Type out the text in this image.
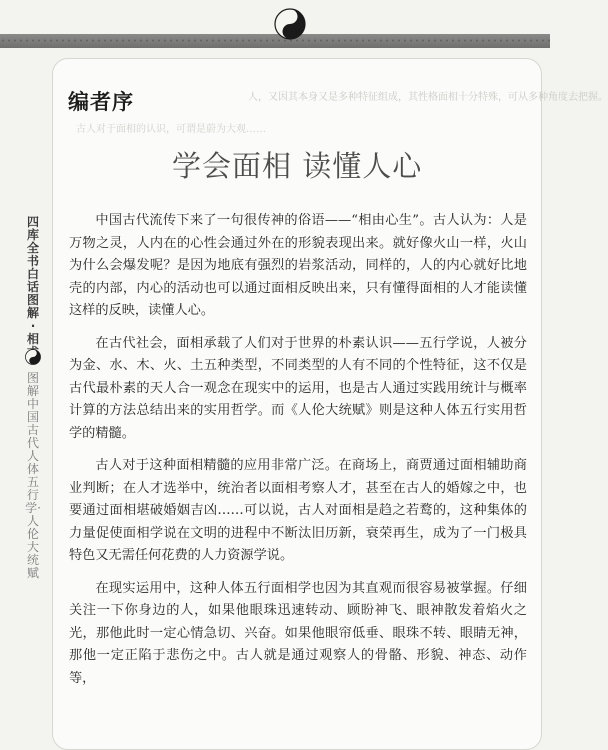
人，又因其本身又是多种特征组成，其性格面相十分特殊，可从多种角度去把握。
古人对于面相的认识，可谓是蔚为大观……
编者序
学会面相 读懂人心
四库全书白话图解·相
图解中国古代人体五行学·人伦大统赋

中国古代流传下来了一句很传神的俗语——“相由心生”。古人认为：人是万物之灵，人内在的心性会通过外在的形貌表现出来。就好像火山一样，火山为什么会爆发呢？是因为地底有强烈的岩浆活动，同样的，人的内心就好比地壳的内部，内心的活动也可以通过面相反映出来，只有懂得面相的人才能读懂这样的反映，读懂人心。

在古代社会，面相承载了人们对于世界的朴素认识——五行学说，人被分为金、水、木、火、土五种类型，不同类型的人有不同的个性特征，这不仅是古代最朴素的天人合一观念在现实中的运用，也是古人通过实践用统计与概率计算的方法总结出来的实用哲学。而《人伦大统赋》则是这种人体五行实用哲学的精髓。

古人对于这种面相精髓的应用非常广泛。在商场上，商贾通过面相辅助商业判断；在人才选举中，统治者以面相考察人才，甚至在古人的婚嫁之中，也要通过面相堪破婚姻吉凶……可以说，古人对面相是趋之若鹜的，这种集体的力量促使面相学说在文明的进程中不断汰旧历新，衰荣再生，成为了一门极具特色又无需任何花费的人力资源学说。

在现实运用中，这种人体五行面相学也因为其直观而很容易被掌握。仔细关注一下你身边的人，如果他眼珠迅速转动、顾盼神飞、眼神散发着焰火之光，那他此时一定心情急切、兴奋。如果他眼帘低垂、眼珠不转、眼睛无神，那他一定正陷于悲伤之中。古人就是通过观察人的骨骼、形貌、神态、动作等，
